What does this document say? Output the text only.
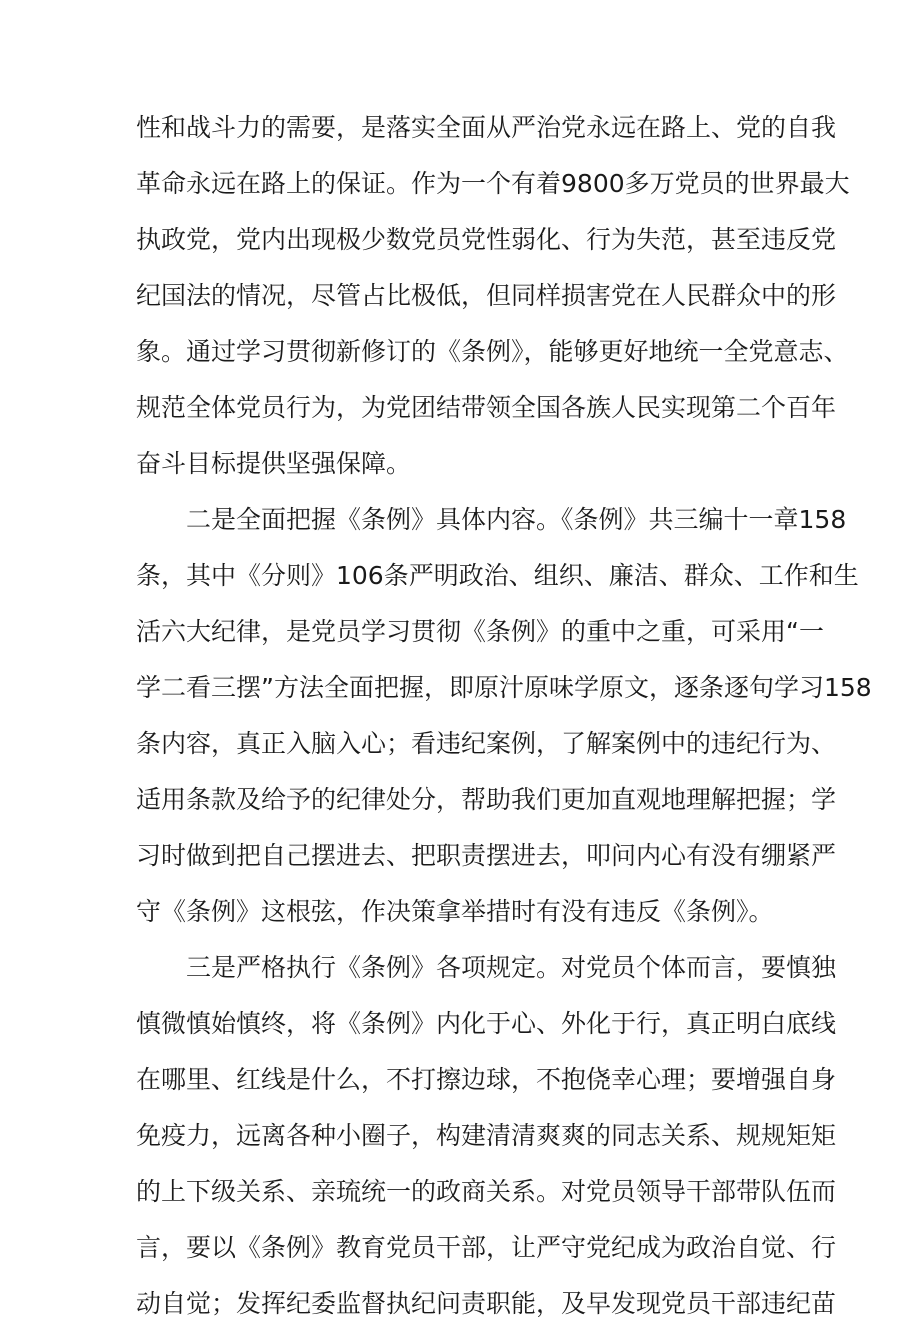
性和战斗力的需要，是落实全面从严治党永远在路上、党的自我
革命永远在路上的保证。作为一个有着9800多万党员的世界最大
执政党，党内出现极少数党员党性弱化、行为失范，甚至违反党
纪国法的情况，尽管占比极低，但同样损害党在人民群众中的形
象。通过学习贯彻新修订的《条例》，能够更好地统一全党意志、
规范全体党员行为，为党团结带领全国各族人民实现第二个百年
奋斗目标提供坚强保障。
二是全面把握《条例》具体内容。《条例》共三编十一章158
条，其中《分则》106条严明政治、组织、廉洁、群众、工作和生
活六大纪律，是党员学习贯彻《条例》的重中之重，可采用“一
学二看三摆”方法全面把握，即原汁原味学原文，逐条逐句学习158
条内容，真正入脑入心；看违纪案例，了解案例中的违纪行为、
适用条款及给予的纪律处分，帮助我们更加直观地理解把握；学
习时做到把自己摆进去、把职责摆进去，叩问内心有没有绷紧严
守《条例》这根弦，作决策拿举措时有没有违反《条例》。
三是严格执行《条例》各项规定。对党员个体而言，要慎独
慎微慎始慎终，将《条例》内化于心、外化于行，真正明白底线
在哪里、红线是什么，不打擦边球，不抱侥幸心理；要增强自身
免疫力，远离各种小圈子，构建清清爽爽的同志关系、规规矩矩
的上下级关系、亲琉统一的政商关系。对党员领导干部带队伍而
言，要以《条例》教育党员干部，让严守党纪成为政治自觉、行
动自觉；发挥纪委监督执纪问责职能，及早发现党员干部违纪苗
